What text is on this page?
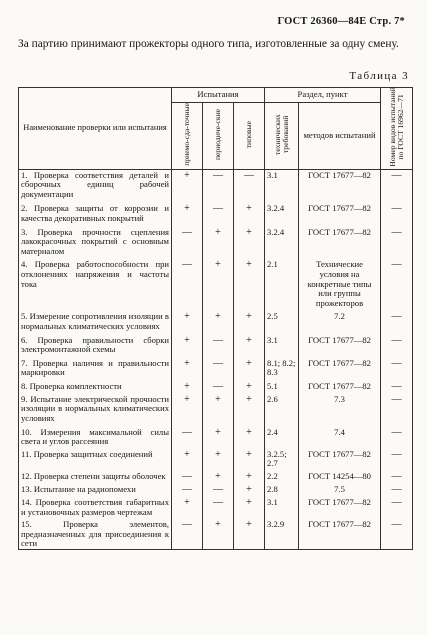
ГОСТ 26360—84Е Стр. 7*

За партию принимают прожекторы одного типа, изготовленные за одну смену.

Таблица 3
Наименование проверки или испытания	Испытания			Раздел, пункт		Номер видов испытаний по ГОСТ 16962—71
	приемо-сда-точные	периодиче-ские	типовые	технических требований	методов испытаний	
1. Проверка соответствия деталей и сборочных единиц рабочей документации	+	—	—	3.1	ГОСТ 17677—82	—
2. Проверка защиты от коррозии и качества декоративных покрытий	+	—	+	3.2.4	ГОСТ 17677—82	—
3. Проверка прочности сцепления лакокрасочных покрытий с основным материалом	—	+	+	3.2.4	ГОСТ 17677—82	—
4. Проверка работоспособности при отклонениях напряжения и частоты тока	—	+	+	2.1	Технические условия на конкретные типы или группы прожекторов	—
5. Измерение сопротивления изоляции в нормальных климатических условиях	+	+	+	2.5	7.2	—
6. Проверка правильности сборки электромонтажной схемы	+	—	+	3.1	ГОСТ 17677—82	—
7. Проверка наличия и правильности маркировки	+	—	+	8.1; 8.2; 8.3	ГОСТ 17677—82	—
8. Проверка комплектности	+	—	+	5.1	ГОСТ 17677—82	—
9. Испытание электрической прочности изоляции в нормальных климатических условиях	+	+	+	2.6	7.3	—
10. Измерения максимальной силы света и углов рассеяния	—	+	+	2.4	7.4	—
11. Проверка защитных соединений	+	+	+	3.2.5; 2.7	ГОСТ 17677—82	—
12. Проверка степени защиты оболочек	—	+	+	2.2	ГОСТ 14254—80	—
13. Испытание на радиопомехи	—	—	+	2.8	7.5	—
14. Проверка соответствия габаритных и установочных размеров чертежам	+	—	+	3.1	ГОСТ 17677—82	—
15. Проверка элементов, предназначенных для присоединения к сети	—	+	+	3.2.9	ГОСТ 17677—82	—
